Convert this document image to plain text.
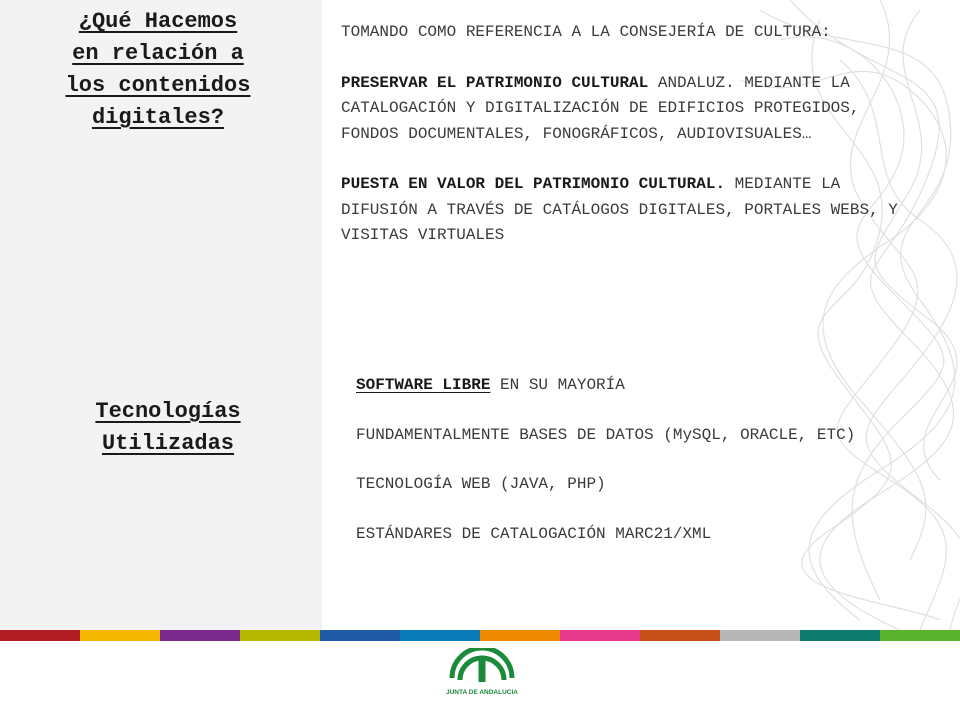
¿Qué Hacemos
en relación a
los contenidos
digitales?
Tecnologías
Utilizadas
TOMANDO COMO REFERENCIA A LA CONSEJERÍA DE CULTURA:
PRESERVAR EL PATRIMONIO CULTURAL ANDALUZ. MEDIANTE LA CATALOGACIÓN Y DIGITALIZACIÓN DE EDIFICIOS PROTEGIDOS, FONDOS DOCUMENTALES, FONOGRÁFICOS, AUDIOVISUALES…
PUESTA EN VALOR DEL PATRIMONIO CULTURAL. MEDIANTE LA DIFUSIÓN A TRAVÉS DE CATÁLOGOS DIGITALES, PORTALES WEBS, Y VISITAS VIRTUALES
SOFTWARE LIBRE EN SU MAYORÍA
FUNDAMENTALMENTE BASES DE DATOS (MySQL, ORACLE, ETC)
TECNOLOGÍA WEB (JAVA, PHP)
ESTÁNDARES DE CATALOGACIÓN MARC21/XML
JUNTA DE ANDALUCIA
